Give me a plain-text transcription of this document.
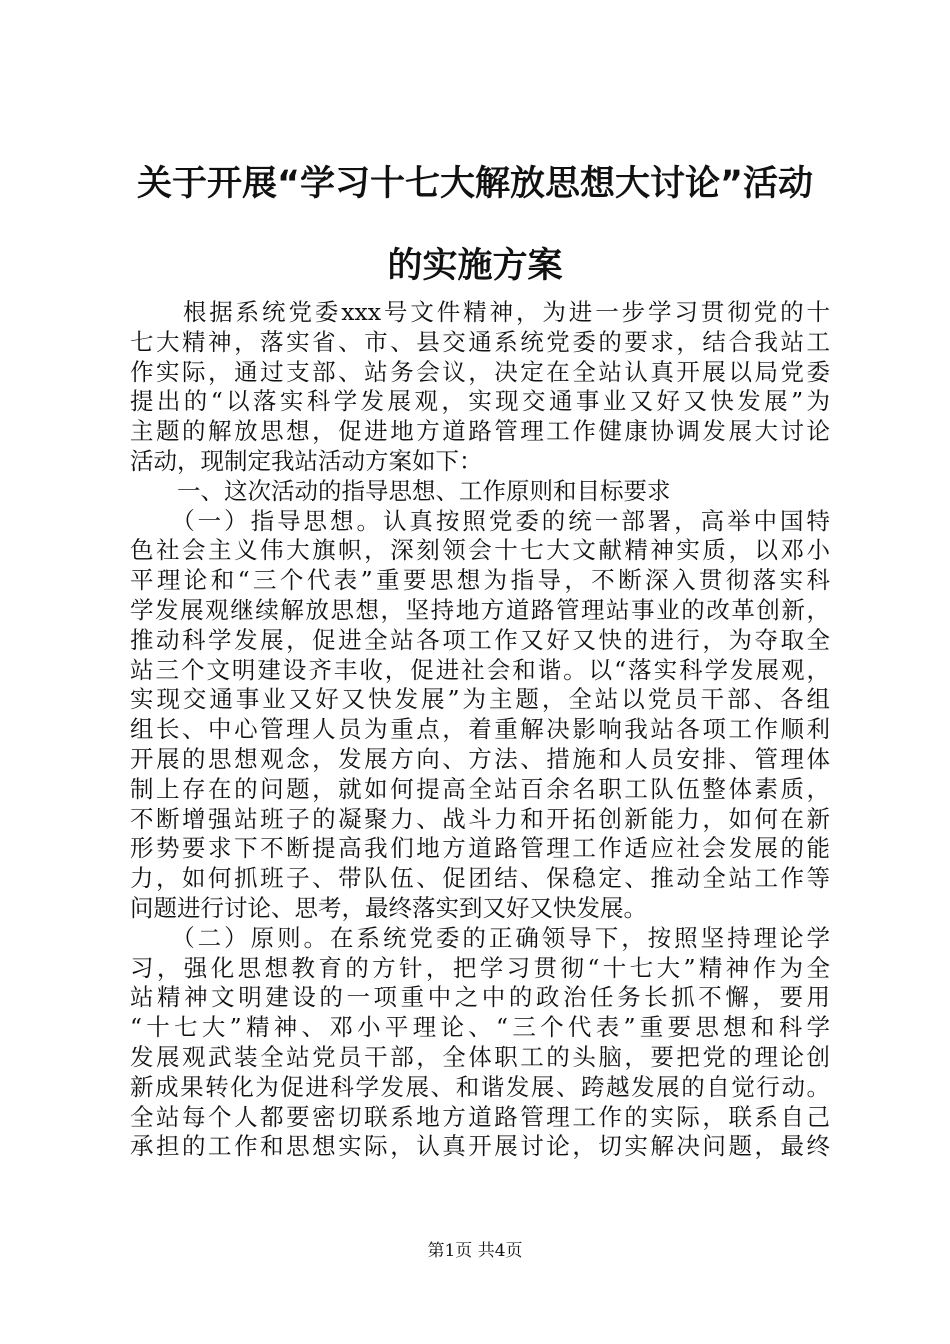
关于开展“学习十七大解放思想大讨论”活动
的实施方案
　　根据系统党委xxx号文件精神，为进一步学习贯彻党的十
七大精神，落实省、市、县交通系统党委的要求，结合我站工
作实际，通过支部、站务会议，决定在全站认真开展以局党委
提出的“以落实科学发展观，实现交通事业又好又快发展”为
主题的解放思想，促进地方道路管理工作健康协调发展大讨论
活动，现制定我站活动方案如下：
　　一、这次活动的指导思想、工作原则和目标要求
　　（一）指导思想。认真按照党委的统一部署，高举中国特
色社会主义伟大旗帜，深刻领会十七大文献精神实质，以邓小
平理论和“三个代表”重要思想为指导，不断深入贯彻落实科
学发展观继续解放思想，坚持地方道路管理站事业的改革创新，
推动科学发展，促进全站各项工作又好又快的进行，为夺取全
站三个文明建设齐丰收，促进社会和谐。以“落实科学发展观，
实现交通事业又好又快发展”为主题，全站以党员干部、各组
组长、中心管理人员为重点，着重解决影响我站各项工作顺利
开展的思想观念，发展方向、方法、措施和人员安排、管理体
制上存在的问题，就如何提高全站百余名职工队伍整体素质，
不断增强站班子的凝聚力、战斗力和开拓创新能力，如何在新
形势要求下不断提高我们地方道路管理工作适应社会发展的能
力，如何抓班子、带队伍、促团结、保稳定、推动全站工作等
问题进行讨论、思考，最终落实到又好又快发展。
　　（二）原则。在系统党委的正确领导下，按照坚持理论学
习，强化思想教育的方针，把学习贯彻“十七大”精神作为全
站精神文明建设的一项重中之中的政治任务长抓不懈，要用
“十七大”精神、邓小平理论、“三个代表”重要思想和科学
发展观武装全站党员干部，全体职工的头脑，要把党的理论创
新成果转化为促进科学发展、和谐发展、跨越发展的自觉行动。
全站每个人都要密切联系地方道路管理工作的实际，联系自己
承担的工作和思想实际，认真开展讨论，切实解决问题，最终
第1页 共4页
